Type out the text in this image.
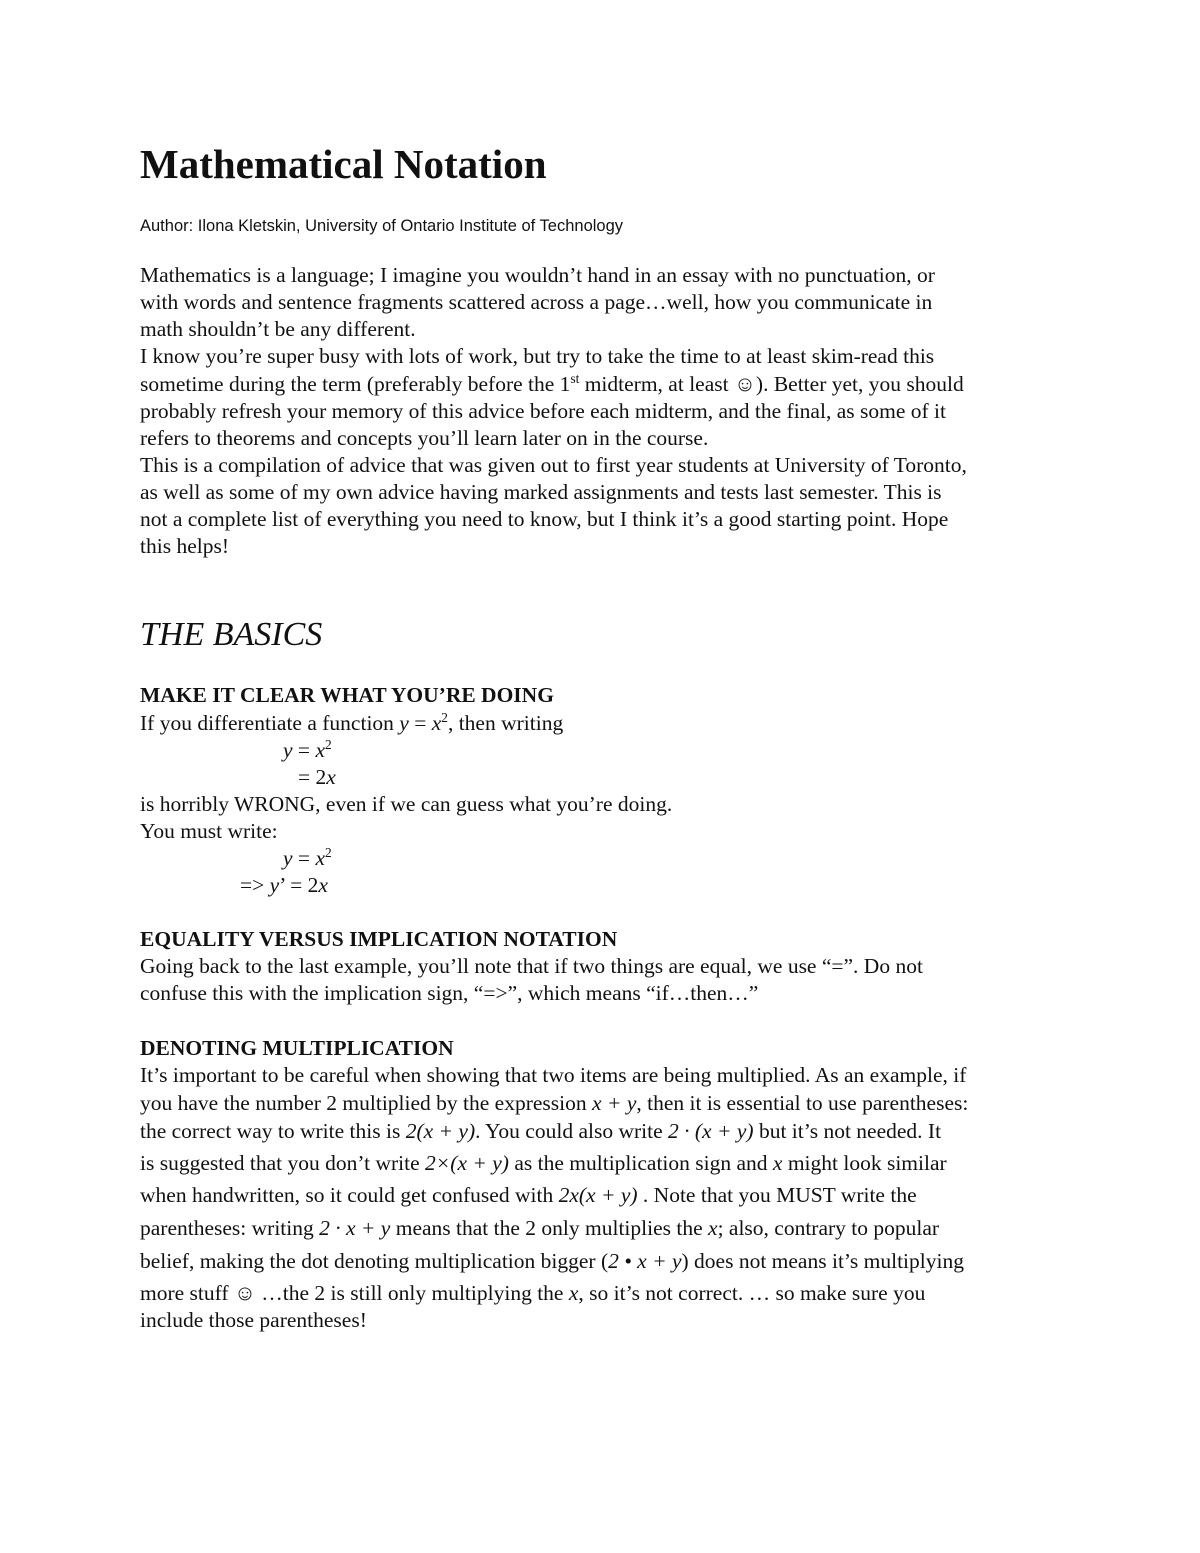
Mathematical Notation
Author: Ilona Kletskin, University of Ontario Institute of Technology
Mathematics is a language; I imagine you wouldn’t hand in an essay with no punctuation, or
with words and sentence fragments scattered across a page…well, how you communicate in
math shouldn’t be any different.
I know you’re super busy with lots of work, but try to take the time to at least skim-read this
sometime during the term (preferably before the 1st midterm, at least ☺). Better yet, you should
probably refresh your memory of this advice before each midterm, and the final, as some of it
refers to theorems and concepts you’ll learn later on in the course.
This is a compilation of advice that was given out to first year students at University of Toronto,
as well as some of my own advice having marked assignments and tests last semester. This is
not a complete list of everything you need to know, but I think it’s a good starting point. Hope
this helps!
THE BASICS
MAKE IT CLEAR WHAT YOU’RE DOING
If you differentiate a function $y = x^2$, then writing
$y = x^2$
= 2x
is horribly WRONG, even if we can guess what you’re doing.
You must write:
$y = x^2$
=> y’ = 2x
EQUALITY VERSUS IMPLICATION NOTATION
Going back to the last example, you’ll note that if two things are equal, we use “=”. Do not
confuse this with the implication sign, “=>”, which means “if…then…”
DENOTING MULTIPLICATION
It’s important to be careful when showing that two items are being multiplied. As an example, if
you have the number 2 multiplied by the expression x + y, then it is essential to use parentheses:
the correct way to write this is 2(x + y). You could also write 2 · (x + y) but it’s not needed. It
is suggested that you don’t write 2×(x + y) as the multiplication sign and x might look similar
when handwritten, so it could get confused with 2x(x + y) . Note that you MUST write the
parentheses: writing 2 · x + y means that the 2 only multiplies the x; also, contrary to popular
belief, making the dot denoting multiplication bigger (2 • x + y) does not means it’s multiplying
more stuff ☺ …the 2 is still only multiplying the x, so it’s not correct. … so make sure you
include those parentheses!
